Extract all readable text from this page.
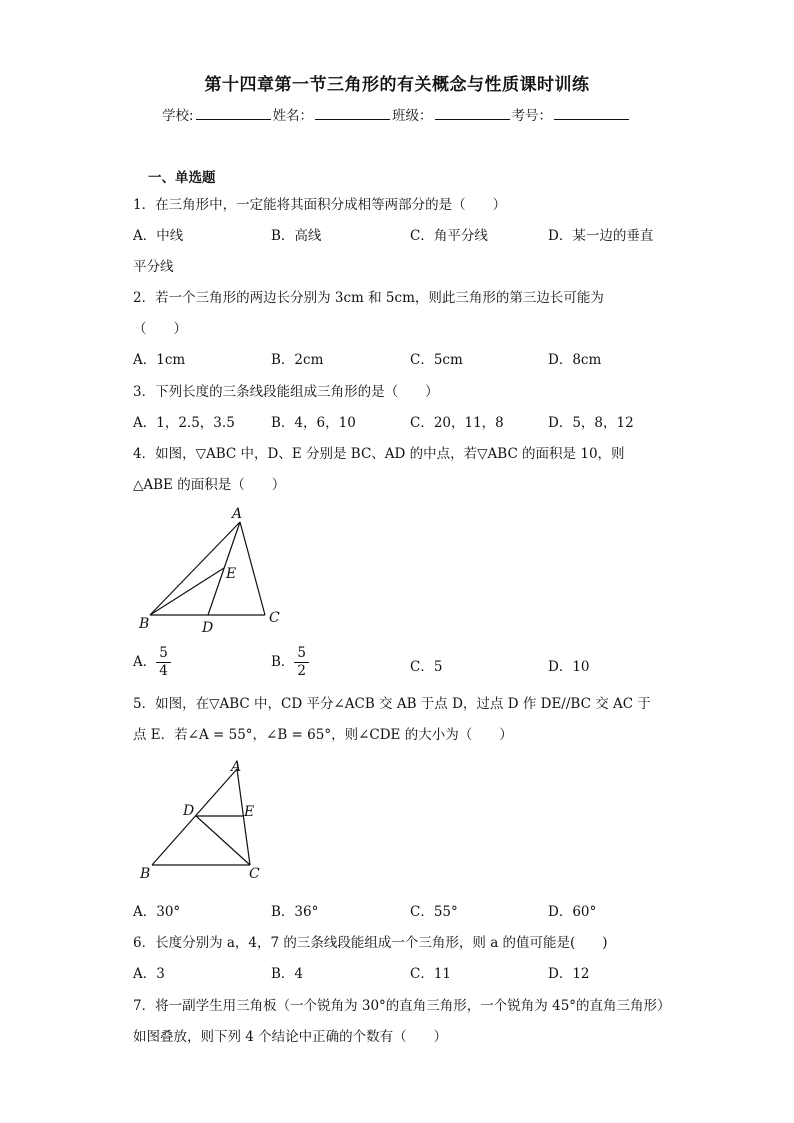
第十四章第一节三角形的有关概念与性质课时训练
学校:	姓名：	班级：	考号：
一、单选题
1．在三角形中，一定能将其面积分成相等两部分的是（　　）
A．中线	B．高线	C．角平分线	D．某一边的垂直
平分线
2．若一个三角形的两边长分别为 3cm 和 5cm，则此三角形的第三边长可能为
（　　）
A．1cm	B．2cm	C．5cm	D．8cm
3．下列长度的三条线段能组成三角形的是（　　）
A．1，2.5，3.5	B．4，6，10	C．20，11，8	D．5，8，12
4．如图，▽ABC 中，D、E 分别是 BC、AD 的中点，若▽ABC 的面积是 10，则
△ABE 的面积是（　　）
A
B	C
D
E
A． $\frac{5}{4}$	B． $\frac{5}{2}$	C．5	D．10
5．如图，在▽ABC 中，CD 平分∠ACB 交 AB 于点 D，过点 D 作 DE//BC 交 AC 于
点 E．若∠A = 55°，∠B = 65°，则∠CDE 的大小为（　　）
A
B	C
D	E
A．30°	B．36°	C．55°	D．60°
6．长度分别为 a，4，7 的三条线段能组成一个三角形，则 a 的值可能是(　　)
A．3	B．4	C．11	D．12
7．将一副学生用三角板（一个锐角为 30°的直角三角形，一个锐角为 45°的直角三角形）
如图叠放，则下列 4 个结论中正确的个数有（　　）
